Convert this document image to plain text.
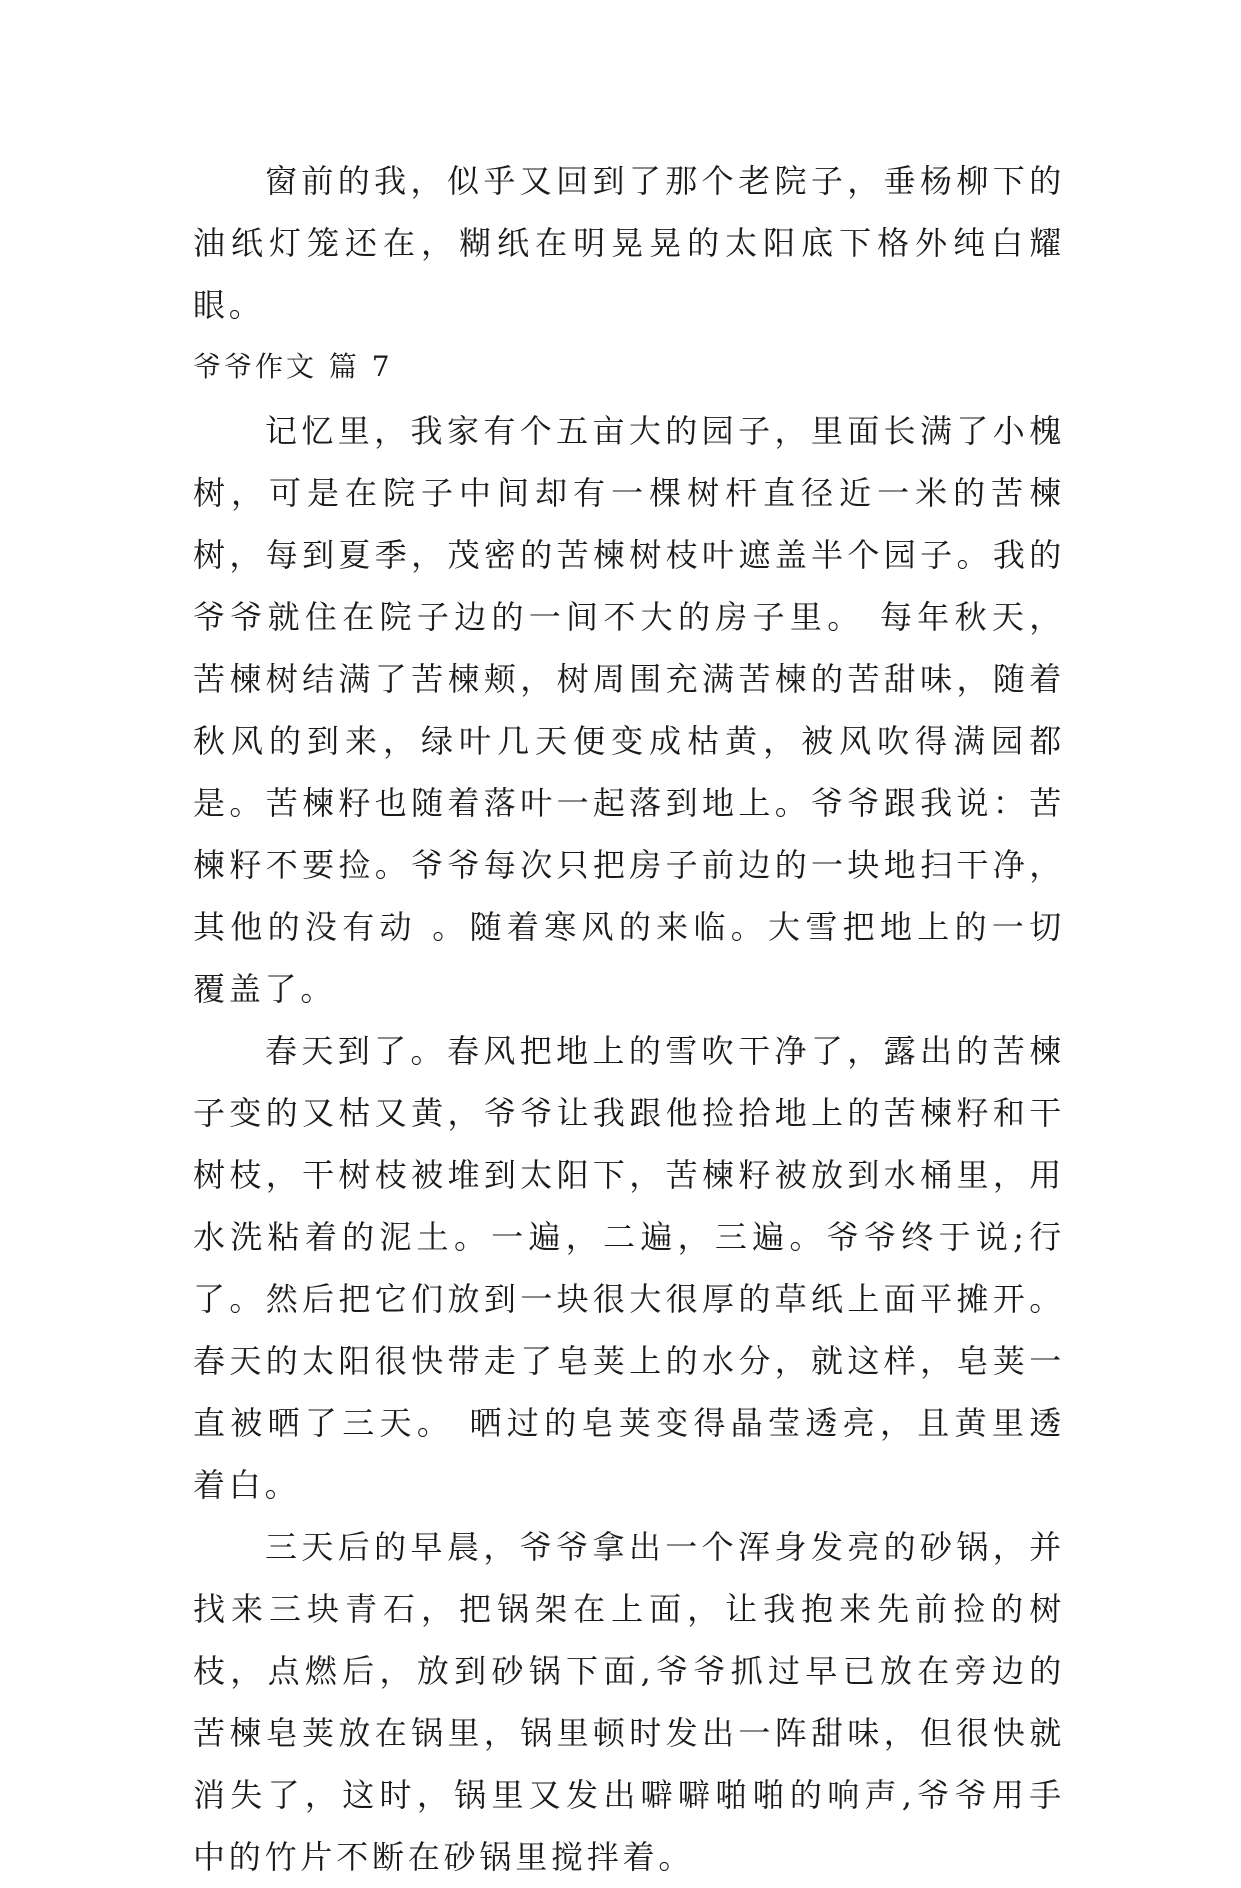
窗前的我，似乎又回到了那个老院子，垂杨柳下的油纸灯笼还在，糊纸在明晃晃的太阳底下格外纯白耀眼。

爷爷作文 篇 7

记忆里，我家有个五亩大的园子，里面长满了小槐树，可是在院子中间却有一棵树杆直径近一米的苦楝树，每到夏季，茂密的苦楝树枝叶遮盖半个园子。我的爷爷就住在院子边的一间不大的房子里。 每年秋天，苦楝树结满了苦楝颊，树周围充满苦楝的苦甜味，随着秋风的到来，绿叶几天便变成枯黄，被风吹得满园都是。苦楝籽也随着落叶一起落到地上。爷爷跟我说：苦楝籽不要捡。爷爷每次只把房子前边的一块地扫干净，其他的没有动 。随着寒风的来临。大雪把地上的一切覆盖了。

春天到了。春风把地上的雪吹干净了，露出的苦楝子变的又枯又黄，爷爷让我跟他捡拾地上的苦楝籽和干树枝，干树枝被堆到太阳下，苦楝籽被放到水桶里，用水洗粘着的泥土。一遍，二遍，三遍。爷爷终于说;行了。然后把它们放到一块很大很厚的草纸上面平摊开。春天的太阳很快带走了皂荚上的水分，就这样，皂荚一直被晒了三天。 晒过的皂荚变得晶莹透亮，且黄里透着白。

三天后的早晨，爷爷拿出一个浑身发亮的砂锅，并找来三块青石，把锅架在上面，让我抱来先前捡的树枝，点燃后，放到砂锅下面,爷爷抓过早已放在旁边的苦楝皂荚放在锅里，锅里顿时发出一阵甜味，但很快就消失了，这时，锅里又发出噼噼啪啪的响声,爷爷用手中的竹片不断在砂锅里搅拌着。
